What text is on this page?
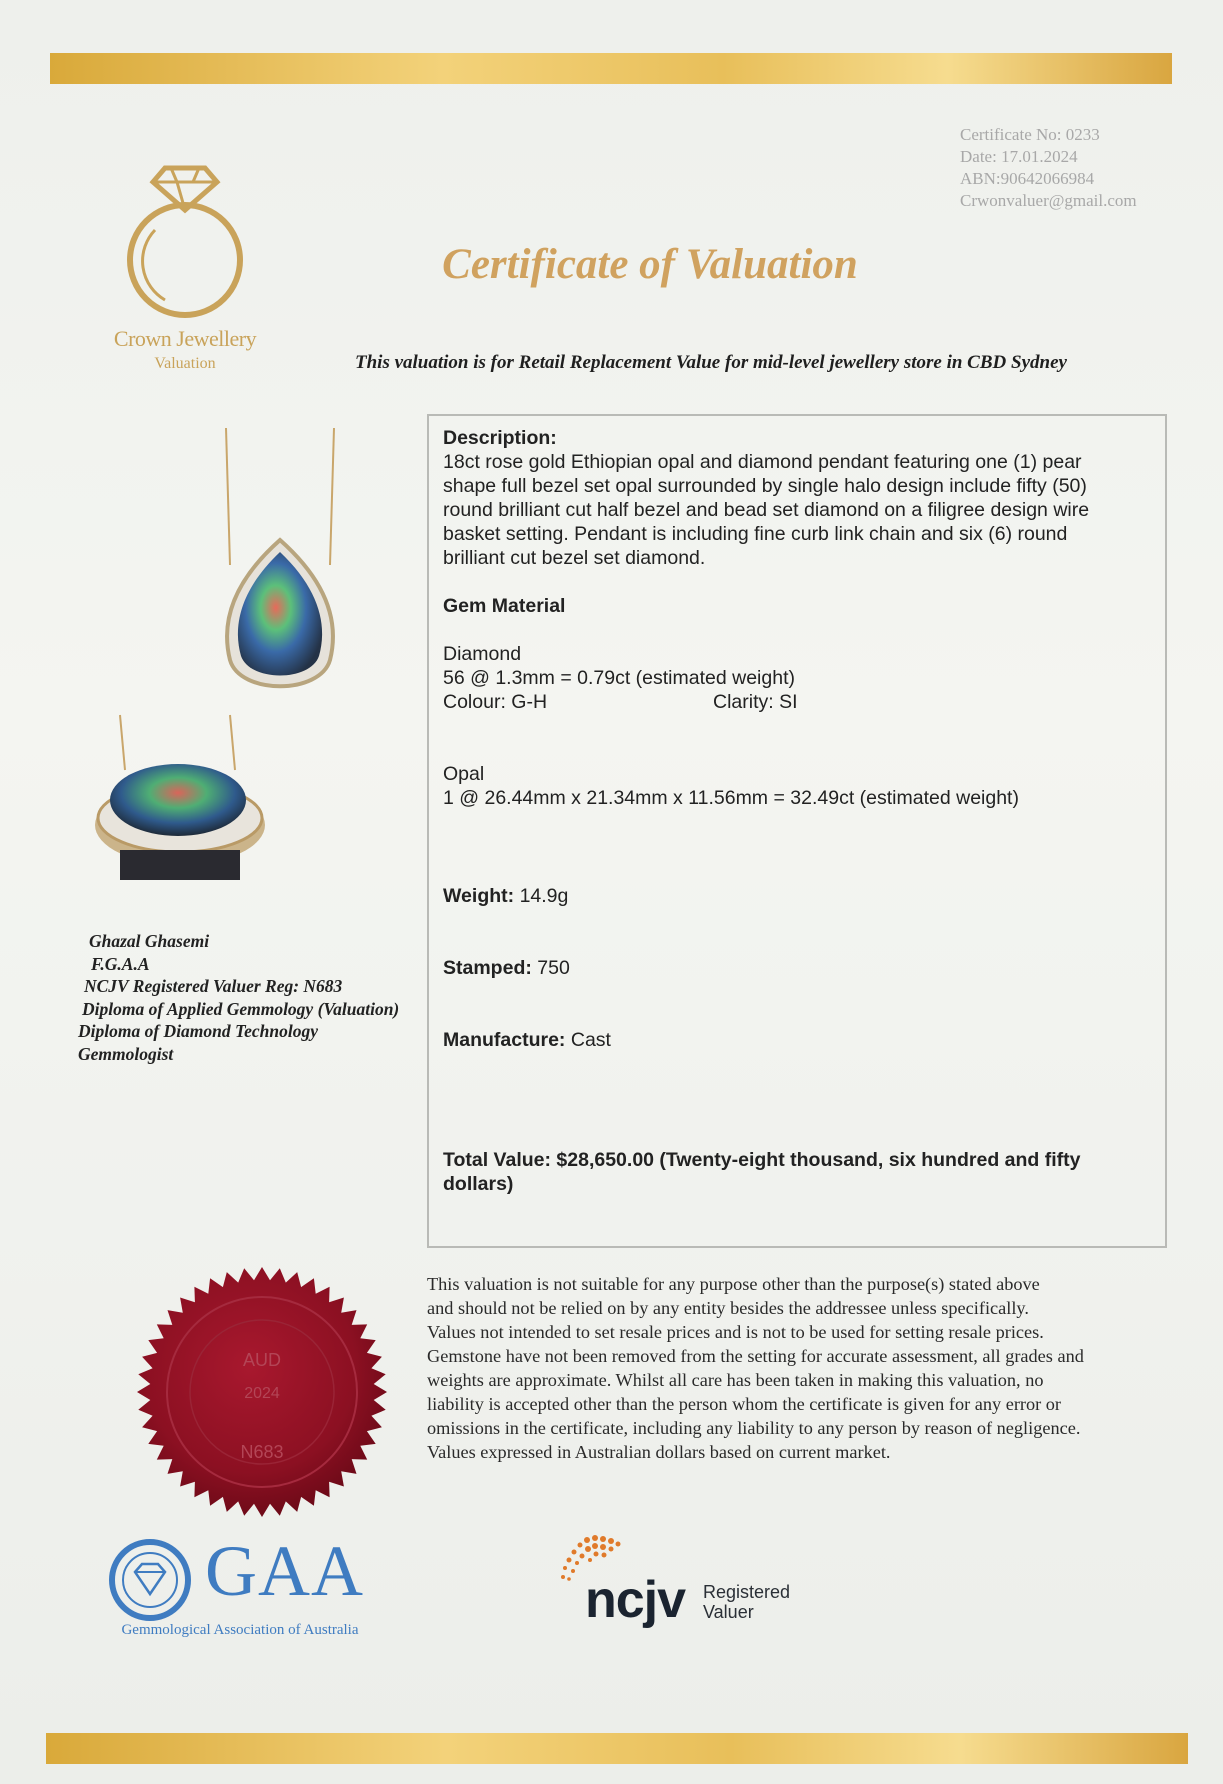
Certificate No: 0233
Date: 17.01.2024
ABN:90642066984
Crwonvaluer@gmail.com
Crown Jewellery
Valuation
Certificate of Valuation
This valuation is for Retail Replacement Value for mid-level jewellery store in CBD Sydney
Ghazal Ghasemi
F.G.A.A
NCJV Registered Valuer Reg: N683
Diploma of Applied Gemmology (Valuation)
Diploma of Diamond Technology
Gemmologist
Description:
18ct rose gold Ethiopian opal and diamond pendant featuring one (1) pear
shape full bezel set opal surrounded by single halo design include fifty (50)
round brilliant cut half bezel and bead set diamond on a filigree design wire
basket setting. Pendant is including fine curb link chain and six (6) round
brilliant cut bezel set diamond.
Gem Material
Diamond
56 @ 1.3mm = 0.79ct (estimated weight)
Colour: G-H	Clarity: SI
Opal
1 @ 26.44mm x 21.34mm x 11.56mm = 32.49ct (estimated weight)
Weight: 14.9g
Stamped: 750
Manufacture: Cast
Total Value: $28,650.00 (Twenty-eight thousand, six hundred and fifty
dollars)
AUD
2024
N683
This valuation is not suitable for any purpose other than the purpose(s) stated above
and should not be relied on by any entity besides the addressee unless specifically.
Values not intended to set resale prices and is not to be used for setting resale prices.
Gemstone have not been removed from the setting for accurate assessment, all grades and
weights are approximate. Whilst all care has been taken in making this valuation, no
liability is accepted other than the person whom the certificate is given for any error or
omissions in the certificate, including any liability to any person by reason of negligence.
Values expressed in Australian dollars based on current market.
GAA
Gemmological Association of Australia
ncjv Registered
Valuer
